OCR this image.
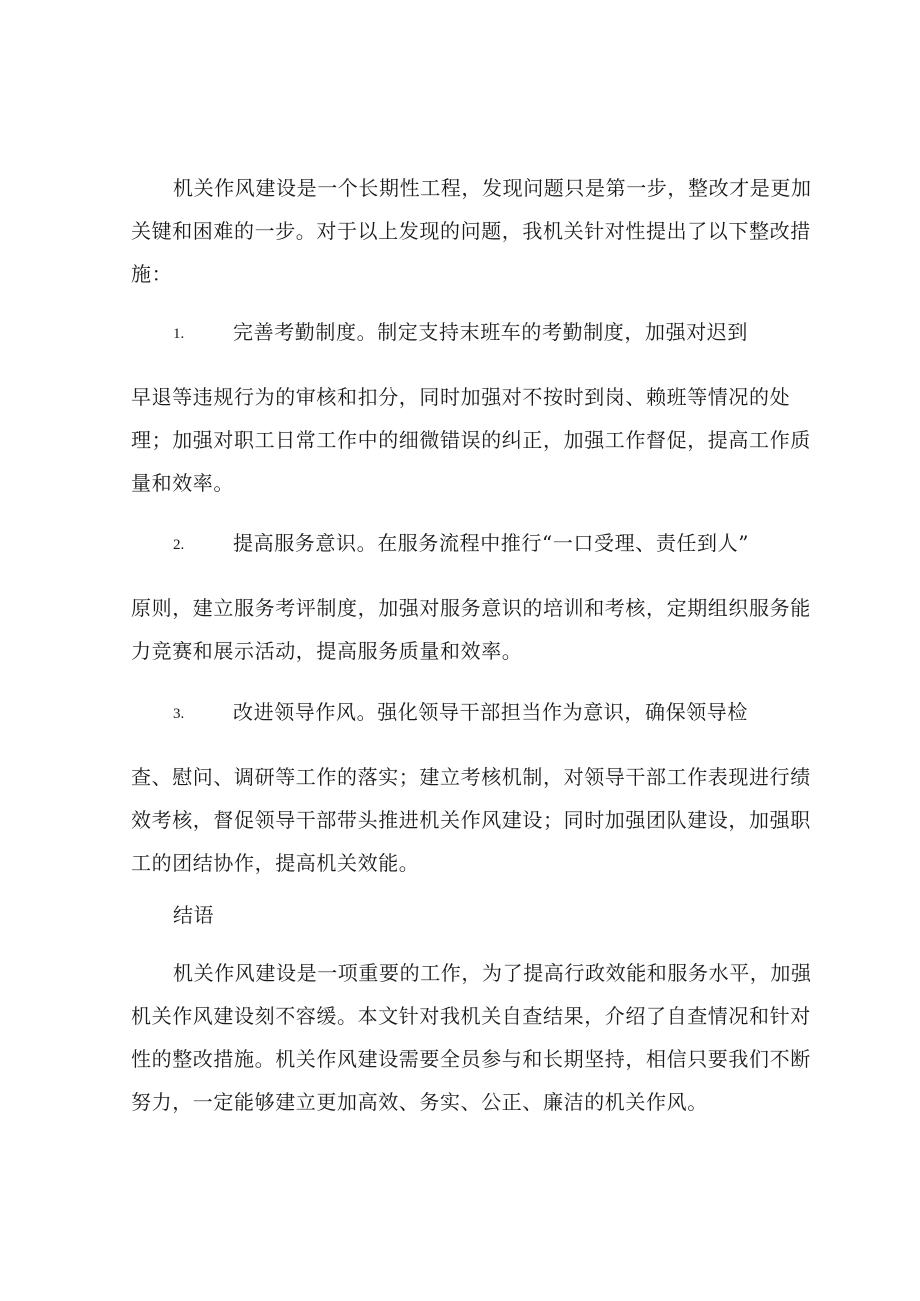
机关作风建设是一个长期性工程，发现问题只是第一步，整改才是更加
关键和困难的一步。对于以上发现的问题，我机关针对性提出了以下整改措
施：
1. 完善考勤制度。制定支持末班车的考勤制度，加强对迟到
早退等违规行为的审核和扣分，同时加强对不按时到岗、赖班等情况的处
理；加强对职工日常工作中的细微错误的纠正，加强工作督促，提高工作质
量和效率。
2. 提高服务意识。在服务流程中推行“一口受理、责任到人”
原则，建立服务考评制度，加强对服务意识的培训和考核，定期组织服务能
力竞赛和展示活动，提高服务质量和效率。
3. 改进领导作风。强化领导干部担当作为意识，确保领导检
查、慰问、调研等工作的落实；建立考核机制，对领导干部工作表现进行绩
效考核，督促领导干部带头推进机关作风建设；同时加强团队建设，加强职
工的团结协作，提高机关效能。
结语
机关作风建设是一项重要的工作，为了提高行政效能和服务水平，加强
机关作风建设刻不容缓。本文针对我机关自查结果，介绍了自查情况和针对
性的整改措施。机关作风建设需要全员参与和长期坚持，相信只要我们不断
努力，一定能够建立更加高效、务实、公正、廉洁的机关作风。
